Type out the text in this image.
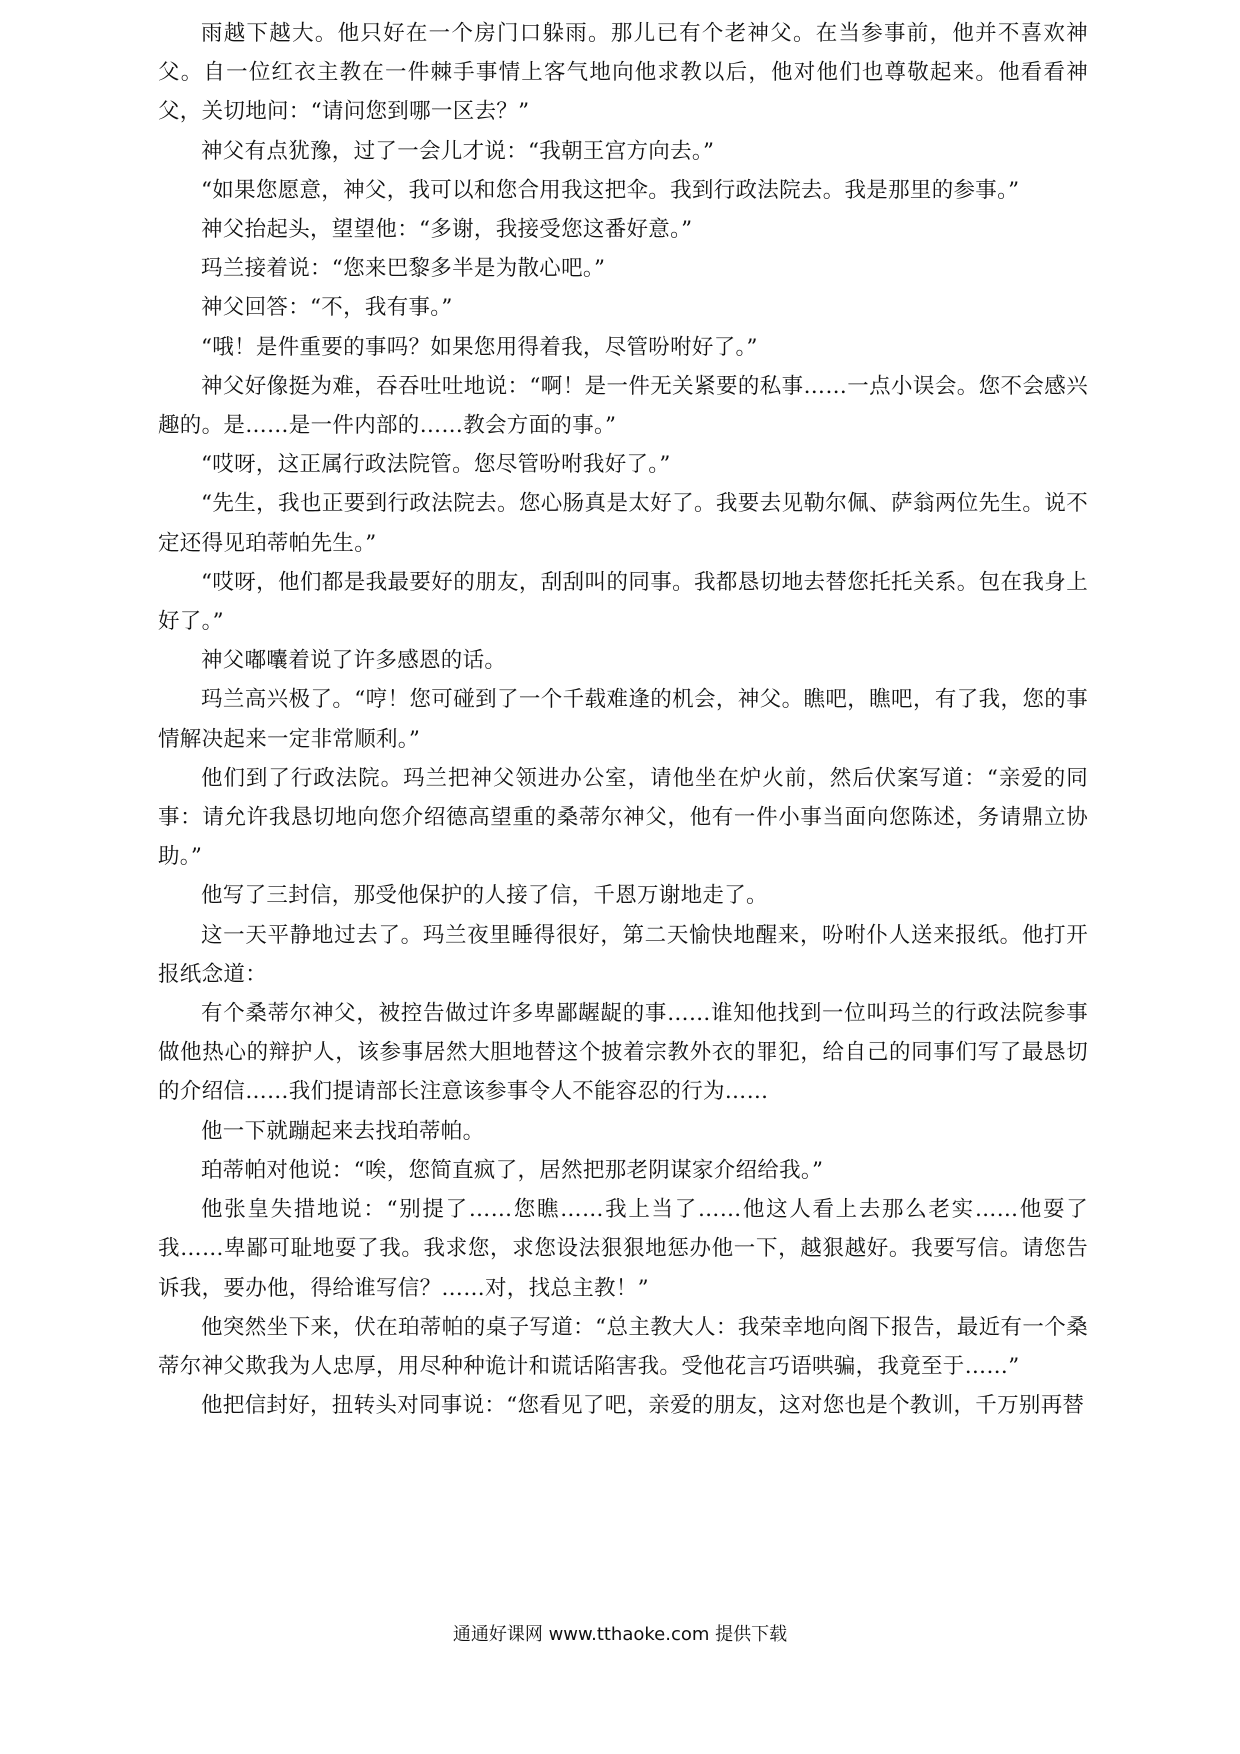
雨越下越大。他只好在一个房门口躲雨。那儿已有个老神父。在当参事前，他并不喜欢神父。自一位红衣主教在一件棘手事情上客气地向他求教以后，他对他们也尊敬起来。他看看神父，关切地问：“请问您到哪一区去？”

神父有点犹豫，过了一会儿才说：“我朝王宫方向去。”

“如果您愿意，神父，我可以和您合用我这把伞。我到行政法院去。我是那里的参事。”

神父抬起头，望望他：“多谢，我接受您这番好意。”

玛兰接着说：“您来巴黎多半是为散心吧。”

神父回答：“不，我有事。”

“哦！是件重要的事吗？如果您用得着我，尽管吩咐好了。”

神父好像挺为难，吞吞吐吐地说：“啊！是一件无关紧要的私事……一点小误会。您不会感兴趣的。是……是一件内部的……教会方面的事。”

“哎呀，这正属行政法院管。您尽管吩咐我好了。”

“先生，我也正要到行政法院去。您心肠真是太好了。我要去见勒尔佩、萨翁两位先生。说不定还得见珀蒂帕先生。”

“哎呀，他们都是我最要好的朋友，刮刮叫的同事。我都恳切地去替您托托关系。包在我身上好了。”

神父嘟囔着说了许多感恩的话。

玛兰高兴极了。“哼！您可碰到了一个千载难逢的机会，神父。瞧吧，瞧吧，有了我，您的事情解决起来一定非常顺利。”

他们到了行政法院。玛兰把神父领进办公室，请他坐在炉火前，然后伏案写道：“亲爱的同事：请允许我恳切地向您介绍德高望重的桑蒂尔神父，他有一件小事当面向您陈述，务请鼎立协助。”

他写了三封信，那受他保护的人接了信，千恩万谢地走了。

这一天平静地过去了。玛兰夜里睡得很好，第二天愉快地醒来，吩咐仆人送来报纸。他打开报纸念道：

有个桑蒂尔神父，被控告做过许多卑鄙龌龊的事……谁知他找到一位叫玛兰的行政法院参事做他热心的辩护人，该参事居然大胆地替这个披着宗教外衣的罪犯，给自己的同事们写了最恳切的介绍信……我们提请部长注意该参事令人不能容忍的行为……

他一下就蹦起来去找珀蒂帕。

珀蒂帕对他说：“唉，您简直疯了，居然把那老阴谋家介绍给我。”

他张皇失措地说：“别提了……您瞧……我上当了……他这人看上去那么老实……他耍了我……卑鄙可耻地耍了我。我求您，求您设法狠狠地惩办他一下，越狠越好。我要写信。请您告诉我，要办他，得给谁写信？……对，找总主教！”

他突然坐下来，伏在珀蒂帕的桌子写道：“总主教大人：我荣幸地向阁下报告，最近有一个桑蒂尔神父欺我为人忠厚，用尽种种诡计和谎话陷害我。受他花言巧语哄骗，我竟至于……”

他把信封好，扭转头对同事说：“您看见了吧，亲爱的朋友，这对您也是个教训，千万别再替

通通好课网 www.tthaoke.com 提供下载
